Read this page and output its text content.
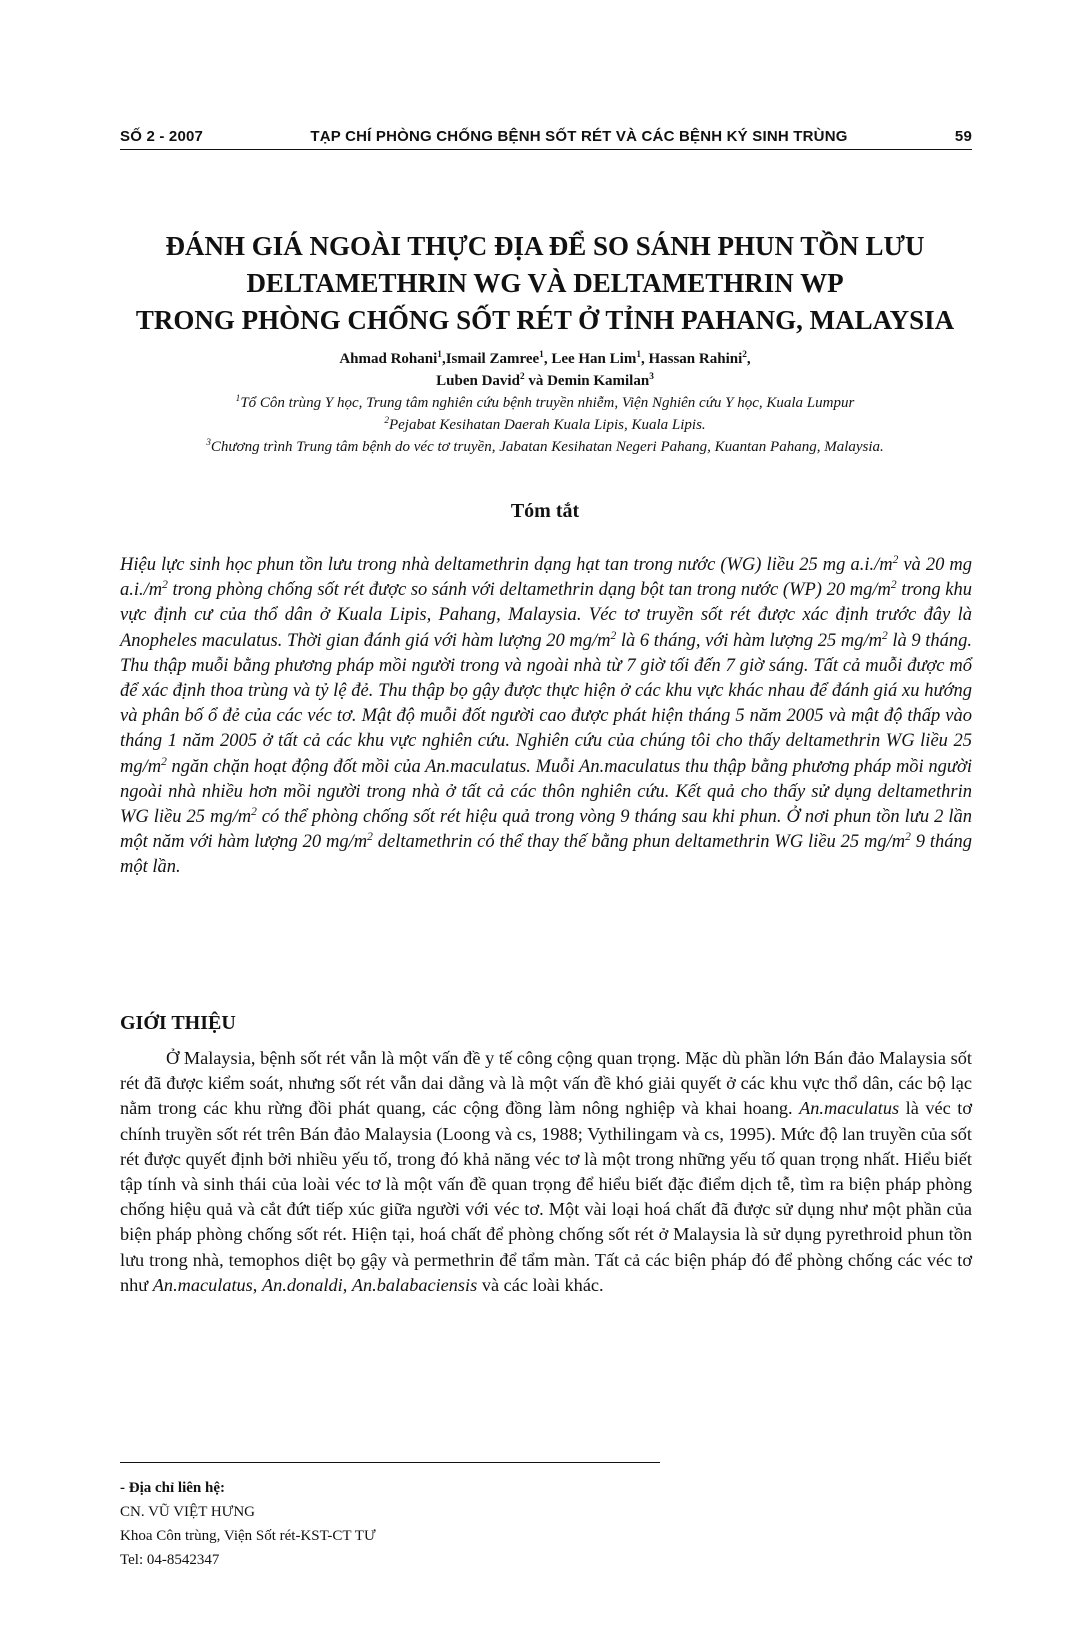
SỐ 2 - 2007	TẠP CHÍ PHÒNG CHỐNG BỆNH SỐT RÉT VÀ CÁC BỆNH KÝ SINH TRÙNG	59
ĐÁNH GIÁ NGOÀI THỰC ĐỊA ĐỂ SO SÁNH PHUN TỒN LƯU
DELTAMETHRIN WG VÀ DELTAMETHRIN WP
TRONG PHÒNG CHỐNG SỐT RÉT Ở TỈNH PAHANG, MALAYSIA
Ahmad Rohani$^1$,Ismail Zamree$^1$, Lee Han Lim$^1$, Hassan Rahini$^2$,
Luben David$^2$ và Demin Kamilan$^3$
$^1$Tổ Côn trùng Y học, Trung tâm nghiên cứu bệnh truyền nhiễm, Viện Nghiên cứu Y học, Kuala Lumpur
$^2$Pejabat Kesihatan Daerah Kuala Lipis, Kuala Lipis.
$^3$Chương trình Trung tâm bệnh do véc tơ truyền, Jabatan Kesihatan Negeri Pahang, Kuantan Pahang, Malaysia.
Tóm tắt
Hiệu lực sinh học phun tồn lưu trong nhà deltamethrin dạng hạt tan trong nước (WG) liều 25 mg $a.i./m^2$ và 20 mg $a.i./m^2$ trong phòng chống sốt rét được so sánh với deltamethrin dạng bột tan trong nước (WP) 20 $mg/m^2$ trong khu vực định cư của thổ dân ở Kuala Lipis, Pahang, Malaysia. Véc tơ truyền sốt rét được xác định trước đây là Anopheles maculatus. Thời gian đánh giá với hàm lượng 20 $mg/m^2$ là 6 tháng, với hàm lượng 25 $mg/m^2$ là 9 tháng. Thu thập muỗi bằng phương pháp mồi người trong và ngoài nhà từ 7 giờ tối đến 7 giờ sáng. Tất cả muỗi được mổ để xác định thoa trùng và tỷ lệ đẻ. Thu thập bọ gậy được thực hiện ở các khu vực khác nhau để đánh giá xu hướng và phân bố ổ đẻ của các véc tơ. Mật độ muỗi đốt người cao được phát hiện tháng 5 năm 2005 và mật độ thấp vào tháng 1 năm 2005 ở tất cả các khu vực nghiên cứu. Nghiên cứu của chúng tôi cho thấy deltamethrin WG liều 25 $mg/m^2$ ngăn chặn hoạt động đốt mồi của An.maculatus. Muỗi An.maculatus thu thập bằng phương pháp mồi người ngoài nhà nhiều hơn mồi người trong nhà ở tất cả các thôn nghiên cứu. Kết quả cho thấy sử dụng deltamethrin WG liều 25 $mg/m^2$ có thể phòng chống sốt rét hiệu quả trong vòng 9 tháng sau khi phun. Ở nơi phun tồn lưu 2 lần một năm với hàm lượng 20 $mg/m^2$ deltamethrin có thể thay thế bằng phun deltamethrin WG liều 25 $mg/m^2$ 9 tháng một lần.
GIỚI THIỆU
Ở Malaysia, bệnh sốt rét vẫn là một vấn đề y tế công cộng quan trọng. Mặc dù phần lớn Bán đảo Malaysia sốt rét đã được kiểm soát, nhưng sốt rét vẫn dai dẳng và là một vấn đề khó giải quyết ở các khu vực thổ dân, các bộ lạc nằm trong các khu rừng đồi phát quang, các cộng đồng làm nông nghiệp và khai hoang. An.maculatus là véc tơ chính truyền sốt rét trên Bán đảo Malaysia (Loong và cs, 1988; Vythilingam và cs, 1995). Mức độ lan truyền của sốt rét được quyết định bởi nhiều yếu tố, trong đó khả năng véc tơ là một trong những yếu tố quan trọng nhất. Hiểu biết tập tính và sinh thái của loài véc tơ là một vấn đề quan trọng để hiểu biết đặc điểm dịch tễ, tìm ra biện pháp phòng chống hiệu quả và cắt đứt tiếp xúc giữa người với véc tơ. Một vài loại hoá chất đã được sử dụng như một phần của biện pháp phòng chống sốt rét. Hiện tại, hoá chất để phòng chống sốt rét ở Malaysia là sử dụng pyrethroid phun tồn lưu trong nhà, temophos diệt bọ gậy và permethrin để tẩm màn. Tất cả các biện pháp đó để phòng chống các véc tơ như An.maculatus, An.donaldi, An.balabaciensis và các loài khác.
- Địa chỉ liên hệ:
CN. VŨ VIỆT HƯNG
Khoa Côn trùng, Viện Sốt rét-KST-CT TƯ
Tel: 04-8542347
